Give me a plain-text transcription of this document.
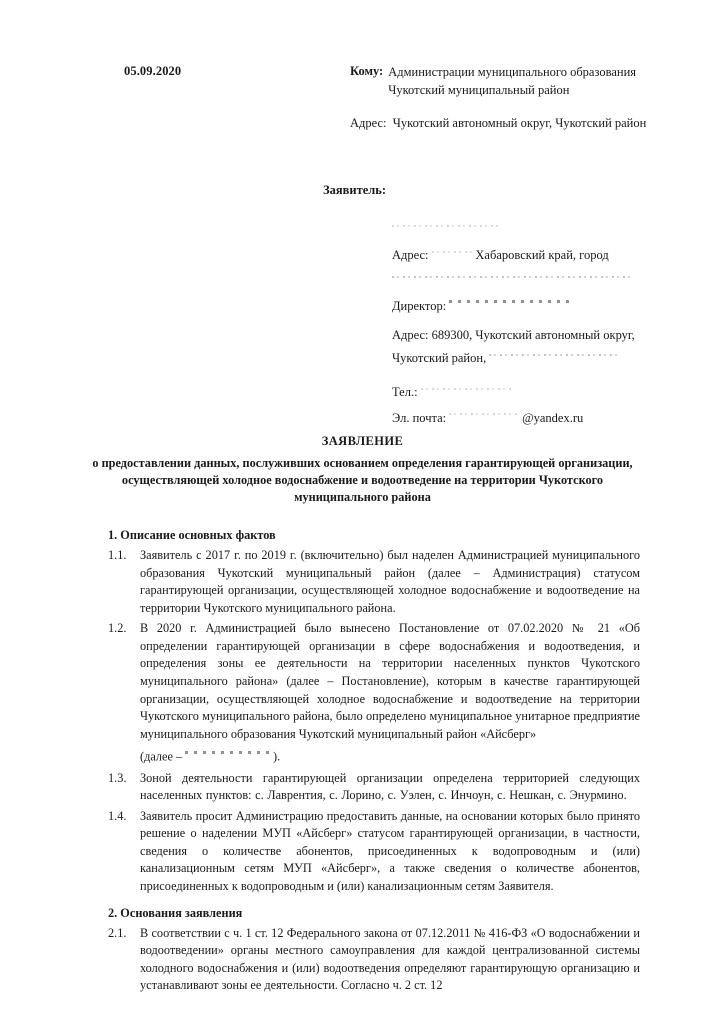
05.09.2020	Кому: Администрации муниципального образования Чукотский муниципальный район
Адрес: Чукотский автономный округ, Чукотский район
Заявитель:
Адрес:	Хабаровский край, город
Директор:
Адрес: 689300, Чукотский автономный округ, Чукотский район,
Тел.:
Эл. почта:	@yandex.ru
ЗАЯВЛЕНИЕ
о предоставлении данных, послуживших основанием определения гарантирующей организации, осуществляющей холодное водоснабжение и водоотведение на территории Чукотского муниципального района
1. Описание основных фактов
1.1.	Заявитель с 2017 г. по 2019 г. (включительно) был наделен Администрацией муниципального образования Чукотский муниципальный район (далее – Администрация) статусом гарантирующей организации, осуществляющей холодное водоснабжение и водоотведение на территории Чукотского муниципального района.
1.2.	В 2020 г. Администрацией было вынесено Постановление от 07.02.2020 № 21 «Об определении гарантирующей организации в сфере водоснабжения и водоотведения, и определения зоны ее деятельности на территории населенных пунктов Чукотского муниципального района» (далее – Постановление), которым в качестве гарантирующей организации, осуществляющей холодное водоснабжение и водоотведение на территории Чукотского муниципального района, было определено муниципальное унитарное предприятие муниципального образования Чукотский муниципальный район «Айсберг»
(далее –	).
1.3.	Зоной деятельности гарантирующей организации определена территорией следующих населенных пунктов: с. Лаврентия, с. Лорино, с. Уэлен, с. Инчоун, с. Нешкан, с. Энурмино.
1.4.	Заявитель просит Администрацию предоставить данные, на основании которых было принято решение о наделении МУП «Айсберг» статусом гарантирующей организации, в частности, сведения о количестве абонентов, присоединенных к водопроводным и (или) канализационным сетям МУП «Айсберг», а также сведения о количестве абонентов, присоединенных к водопроводным и (или) канализационным сетям Заявителя.
2. Основания заявления
2.1.	В соответствии с ч. 1 ст. 12 Федерального закона от 07.12.2011 № 416-ФЗ «О водоснабжении и водоотведении» органы местного самоуправления для каждой централизованной системы холодного водоснабжения и (или) водоотведения определяют гарантирующую организацию и устанавливают зоны ее деятельности. Согласно ч. 2 ст. 12
